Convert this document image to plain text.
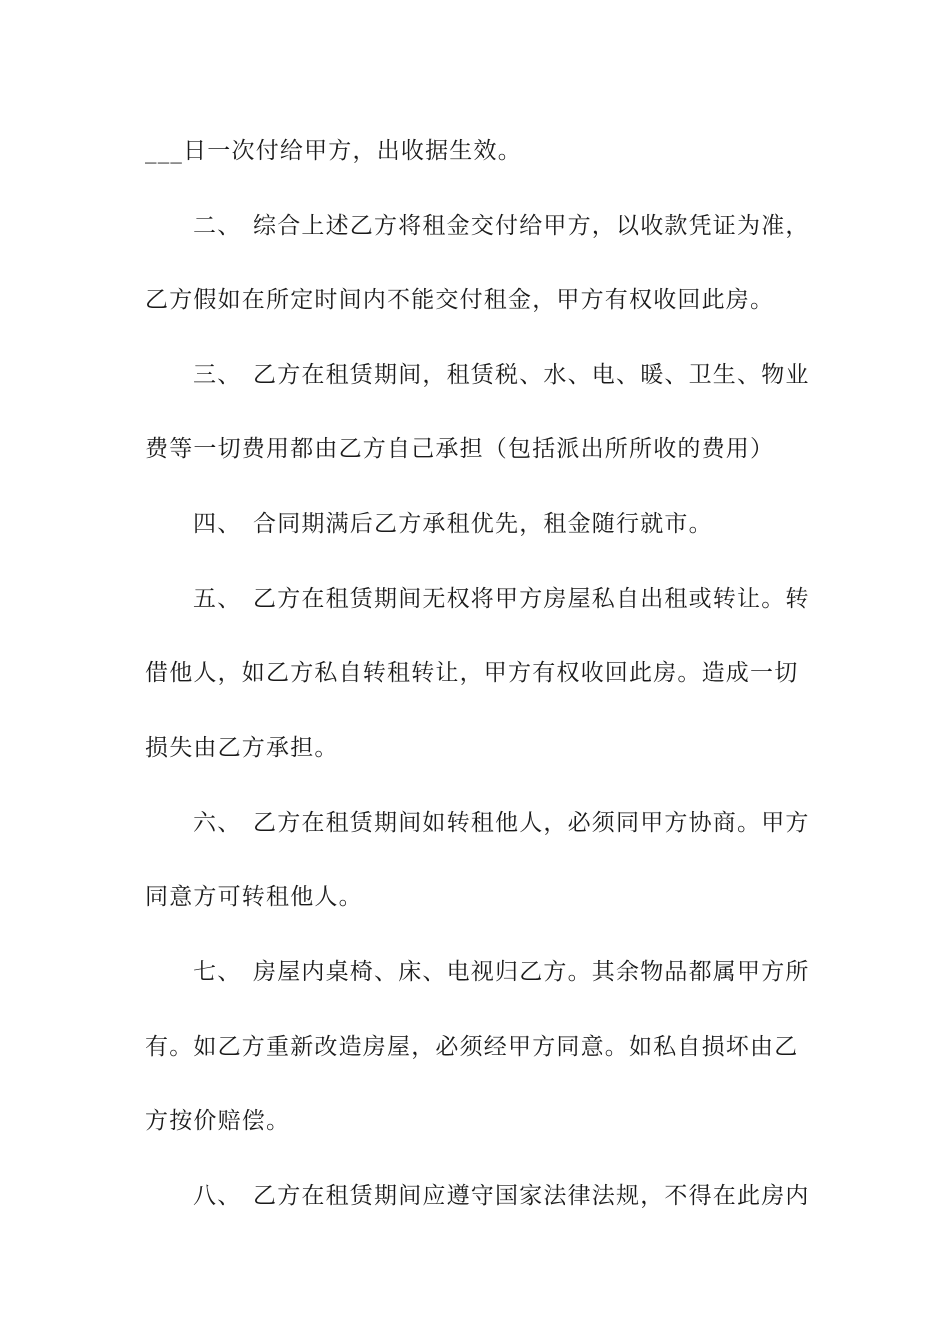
___日一次付给甲方，出收据生效。
二、 综合上述乙方将租金交付给甲方，以收款凭证为准，
乙方假如在所定时间内不能交付租金，甲方有权收回此房。
三、 乙方在租赁期间，租赁税、水、电、暖、卫生、物业
费等一切费用都由乙方自己承担（包括派出所所收的费用）
四、 合同期满后乙方承租优先，租金随行就市。
五、 乙方在租赁期间无权将甲方房屋私自出租或转让。转
借他人，如乙方私自转租转让，甲方有权收回此房。造成一切
损失由乙方承担。
六、 乙方在租赁期间如转租他人，必须同甲方协商。甲方
同意方可转租他人。
七、 房屋内桌椅、床、电视归乙方。其余物品都属甲方所
有。如乙方重新改造房屋，必须经甲方同意。如私自损坏由乙
方按价赔偿。
八、 乙方在租赁期间应遵守国家法律法规，不得在此房内
